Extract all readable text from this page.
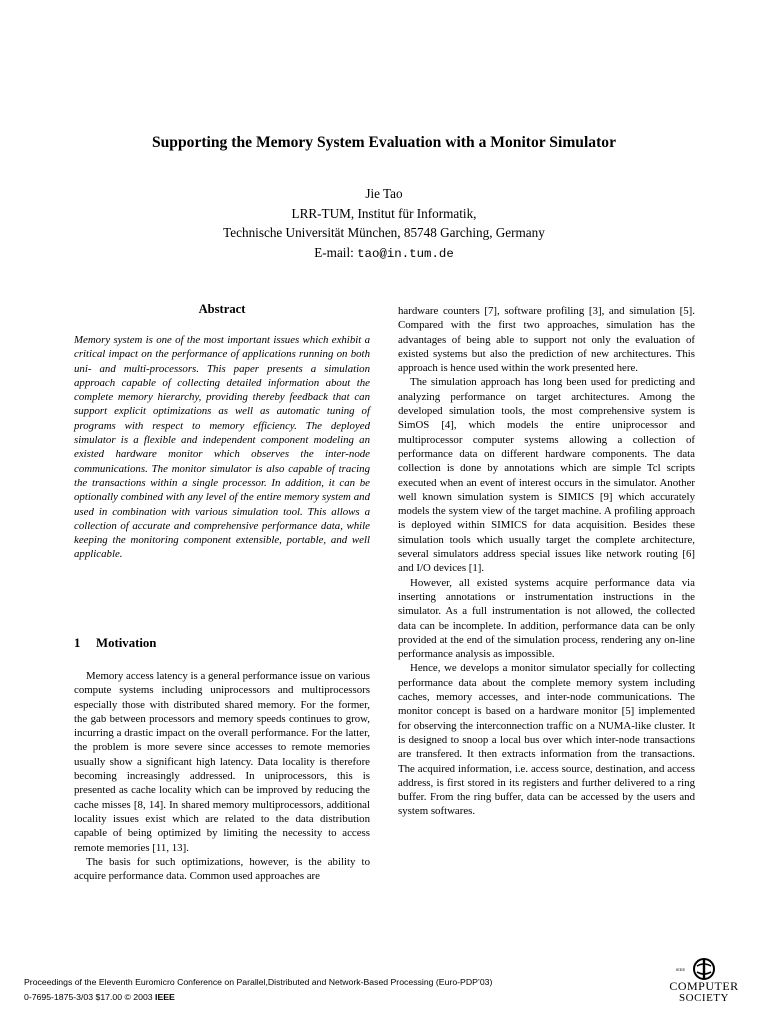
Supporting the Memory System Evaluation with a Monitor Simulator
Jie Tao
LRR-TUM, Institut für Informatik,
Technische Universität München, 85748 Garching, Germany
E-mail: tao@in.tum.de
Abstract

Memory system is one of the most important issues which exhibit a critical impact on the performance of applications running on both uni- and multi-processors. This paper presents a simulation approach capable of collecting detailed information about the complete memory hierarchy, providing thereby feedback that can support explicit optimizations as well as automatic tuning of programs with respect to memory efficiency. The deployed simulator is a flexible and independent component modeling an existed hardware monitor which observes the inter-node communications. The monitor simulator is also capable of tracing the transactions within a single processor. In addition, it can be optionally combined with any level of the entire memory system and used in combination with various simulation tool. This allows a collection of accurate and comprehensive performance data, while keeping the monitoring component extensible, portable, and well applicable.

1 Motivation

Memory access latency is a general performance issue on various compute systems including uniprocessors and multiprocessors especially those with distributed shared memory. For the former, the gab between processors and memory speeds continues to grow, incurring a drastic impact on the overall performance. For the latter, the problem is more severe since accesses to remote memories usually show a significant high latency. Data locality is therefore becoming increasingly addressed. In uniprocessors, this is presented as cache locality which can be improved by reducing the cache misses [8, 14]. In shared memory multiprocessors, additional locality issues exist which are related to the data distribution capable of being optimized by limiting the necessity to access remote memories [11, 13].

The basis for such optimizations, however, is the ability to acquire performance data. Common used approaches are

hardware counters [7], software profiling [3], and simulation [5]. Compared with the first two approaches, simulation has the advantages of being able to support not only the evaluation of existed systems but also the prediction of new architectures. This approach is hence used within the work presented here.

The simulation approach has long been used for predicting and analyzing performance on target architectures. Among the developed simulation tools, the most comprehensive system is SimOS [4], which models the entire uniprocessor and multiprocessor computer systems allowing a collection of performance data on different hardware components. The data collection is done by annotations which are simple Tcl scripts executed when an event of interest occurs in the simulator. Another well known simulation system is SIMICS [9] which accurately models the system view of the target machine. A profiling approach is deployed within SIMICS for data acquisition. Besides these simulation tools which usually target the complete architecture, several simulators address special issues like network routing [6] and I/O devices [1].

However, all existed systems acquire performance data via inserting annotations or instrumentation instructions in the simulator. As a full instrumentation is not allowed, the collected data can be incomplete. In addition, performance data can be only provided at the end of the simulation process, rendering any on-line performance analysis as impossible.

Hence, we develops a monitor simulator specially for collecting performance data about the complete memory system including caches, memory accesses, and inter-node communications. The monitor concept is based on a hardware monitor [5] implemented for observing the interconnection traffic on a NUMA-like cluster. It is designed to snoop a local bus over which inter-node transactions are transfered. It then extracts information from the transactions. The acquired information, i.e. access source, destination, and access address, is first stored in its registers and further delivered to a ring buffer. From the ring buffer, data can be accessed by the users and system softwares.

Proceedings of the Eleventh Euromicro Conference on Parallel,Distributed and Network-Based Processing (Euro-PDP’03)
0-7695-1875-3/03 $17.00 © 2003 IEEE
IEEE
COMPUTER
SOCIETY
